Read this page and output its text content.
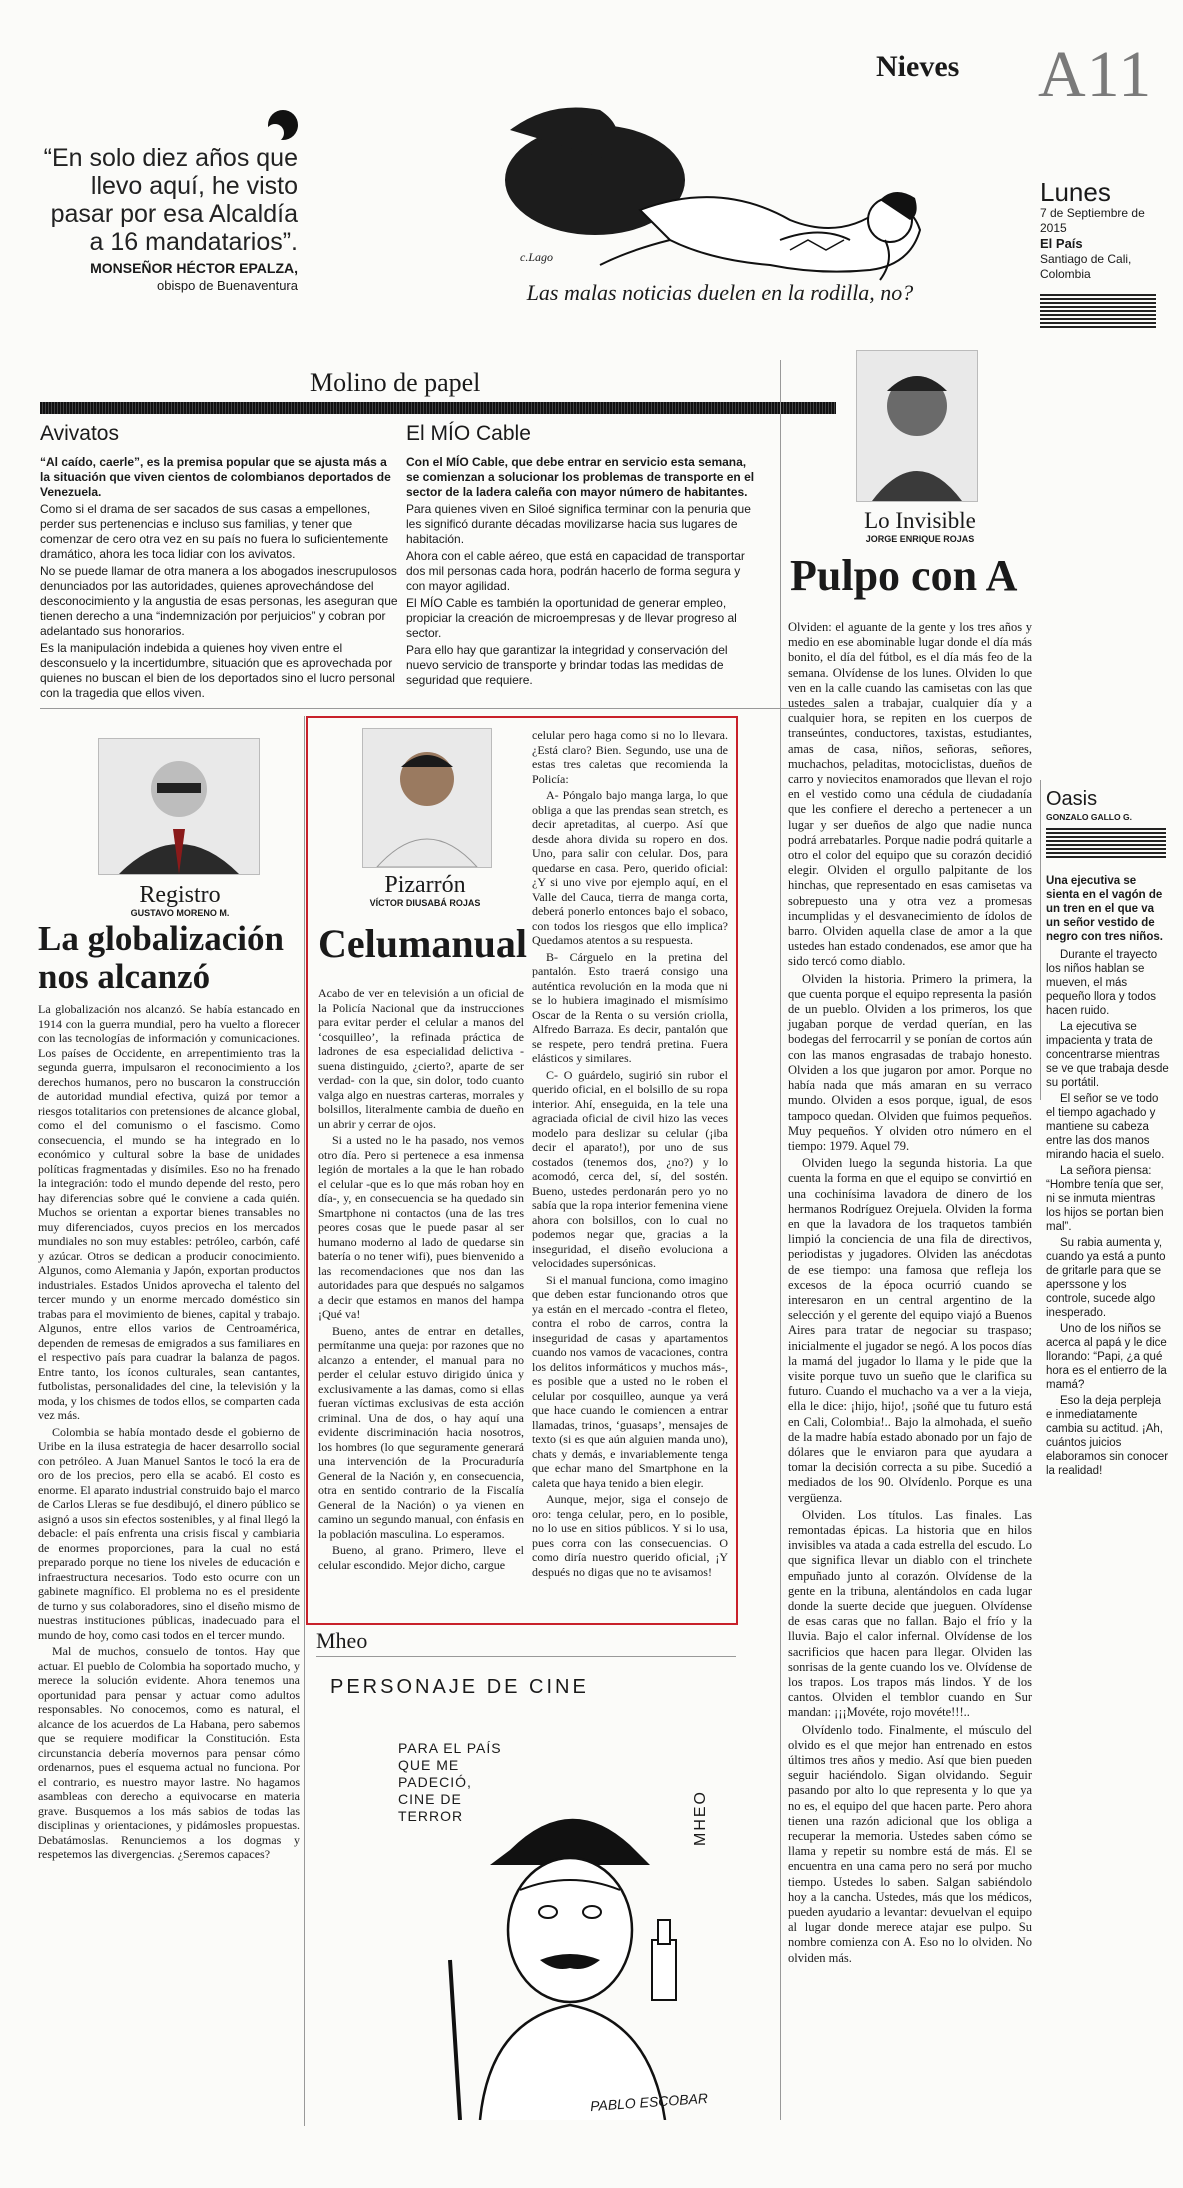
Nieves A11
Lunes
7 de Septiembre de 2015
El País
Santiago de Cali, Colombia
“En solo diez años que llevo aquí, he visto pasar por esa Alcaldía a 16 mandatarios”.
MONSEÑOR HÉCTOR EPALZA,
obispo de Buenaventura
c.Lago
Las malas noticias duelen en la rodilla, no?
Molino de papel
Avivatos
“Al caído, caerle”, es la premisa popular que se ajusta más a la situación que viven cientos de colombianos deportados de Venezuela.

Como si el drama de ser sacados de sus casas a empellones, perder sus pertenencias e incluso sus familias, y tener que comenzar de cero otra vez en su país no fuera lo suficientemente dramático, ahora les toca lidiar con los avivatos.

No se puede llamar de otra manera a los abogados inescrupulosos denunciados por las autoridades, quienes aprovechándose del desconocimiento y la angustia de esas personas, les aseguran que tienen derecho a una “indemnización por perjuicios” y cobran por adelantado sus honorarios.

Es la manipulación indebida a quienes hoy viven entre el desconsuelo y la incertidumbre, situación que es aprovechada por quienes no buscan el bien de los deportados sino el lucro personal con la tragedia que ellos viven.

El MÍO Cable
Con el MÍO Cable, que debe entrar en servicio esta semana, se comienzan a solucionar los problemas de transporte en el sector de la ladera caleña con mayor número de habitantes.

Para quienes viven en Siloé significa terminar con la penuria que les significó durante décadas movilizarse hacia sus lugares de habitación.

Ahora con el cable aéreo, que está en capacidad de transportar dos mil personas cada hora, podrán hacerlo de forma segura y con mayor agilidad.

El MÍO Cable es también la oportunidad de generar empleo, propiciar la creación de microempresas y de llevar progreso al sector.

Para ello hay que garantizar la integridad y conservación del nuevo servicio de transporte y brindar todas las medidas de seguridad que requiere.

Lo Invisible
JORGE ENRIQUE ROJAS
Pulpo con A

Olviden: el aguante de la gente y los tres años y medio en ese abominable lugar donde el día más bonito, el día del fútbol, es el día más feo de la semana. Olvídense de los lunes. Olviden lo que ven en la calle cuando las camisetas con las que ustedes salen a trabajar, cualquier día y a cualquier hora, se repiten en los cuerpos de transeúntes, conductores, taxistas, estudiantes, amas de casa, niños, señoras, señores, muchachos, peladitas, motociclistas, dueños de carro y noviecitos enamorados que llevan el rojo en el vestido como una cédula de ciudadanía que les confiere el derecho a pertenecer a un lugar y ser dueños de algo que nadie nunca podrá arrebatarles. Porque nadie podrá quitarle a otro el color del equipo que su corazón decidió elegir. Olviden el orgullo palpitante de los hinchas, que representado en esas camisetas va sobrepuesto una y otra vez a promesas incumplidas y el desvanecimiento de ídolos de barro. Olviden aquella clase de amor a la que ustedes han estado condenados, ese amor que ha sido tercó como diablo.

Olviden la historia. Primero la primera, la que cuenta porque el equipo representa la pasión de un pueblo. Olviden a los primeros, los que jugaban porque de verdad querían, en las bodegas del ferrocarril y se ponían de cortos aún con las manos engrasadas de trabajo honesto. Olviden a los que jugaron por amor. Porque no había nada que más amaran en su verraco mundo. Olviden a esos porque, igual, de esos tampoco quedan. Olviden que fuimos pequeños. Muy pequeños. Y olviden otro número en el tiempo: 1979. Aquel 79.

Olviden luego la segunda historia. La que cuenta la forma en que el equipo se convirtió en una cochinísima lavadora de dinero de los hermanos Rodríguez Orejuela. Olviden la forma en que la lavadora de los traquetos también limpió la conciencia de una fila de directivos, periodistas y jugadores. Olviden las anécdotas de ese tiempo: una famosa que refleja los excesos de la época ocurrió cuando se interesaron en un central argentino de la selección y el gerente del equipo viajó a Buenos Aires para tratar de negociar su traspaso; inicialmente el jugador se negó. A los pocos días la mamá del jugador lo llama y le pide que la visite porque tuvo un sueño que le clarifica su futuro. Cuando el muchacho va a ver a la vieja, ella le dice: ¡hijo, hijo!, ¡soñé que tu futuro está en Cali, Colombia!.. Bajo la almohada, el sueño de la madre había estado abonado por un fajo de dólares que le enviaron para que ayudara a tomar la decisión correcta a su pibe. Sucedió a mediados de los 90. Olvídenlo. Porque es una vergüenza.

Olviden. Los títulos. Las finales. Las remontadas épicas. La historia que en hilos invisibles va atada a cada estrella del escudo. Lo que significa llevar un diablo con el trinchete empuñado junto al corazón. Olvídense de la gente en la tribuna, alentándolos en cada lugar donde la suerte decide que jueguen. Olvídense de esas caras que no fallan. Bajo el frío y la lluvia. Bajo el calor infernal. Olvídense de los sacrificios que hacen para llegar. Olviden las sonrisas de la gente cuando los ve. Olvídense de los trapos. Los trapos más lindos. Y de los cantos. Olviden el temblor cuando en Sur mandan: ¡¡¡Movéte, rojo movéte!!!..

Olvídenlo todo. Finalmente, el músculo del olvido es el que mejor han entrenado en estos últimos tres años y medio. Así que bien pueden seguir haciéndolo. Sigan olvidando. Seguir pasando por alto lo que representa y lo que ya no es, el equipo del que hacen parte. Pero ahora tienen una razón adicional que los obliga a recuperar la memoria. Ustedes saben cómo se llama y repetir su nombre está de más. El se encuentra en una cama pero no será por mucho tiempo. Ustedes lo saben. Salgan sabiéndolo hoy a la cancha. Ustedes, más que los médicos, pueden ayudario a levantar: devuelvan el equipo al lugar donde merece atajar ese pulpo. Su nombre comienza con A. Eso no lo olviden. No olviden más.

Oasis
GONZALO GALLO G.
Una ejecutiva se sienta en el vagón de un tren en el que va un señor vestido de negro con tres niños.

Durante el trayecto los niños hablan se mueven, el más pequeño llora y todos hacen ruido.

La ejecutiva se impacienta y trata de concentrarse mientras se ve que trabaja desde su portátil.

El señor se ve todo el tiempo agachado y mantiene su cabeza entre las dos manos mirando hacia el suelo.

La señora piensa: “Hombre tenía que ser, ni se inmuta mientras los hijos se portan bien mal”.

Su rabia aumenta y, cuando ya está a punto de gritarle para que se aperssone y los controle, sucede algo inesperado.

Uno de los niños se acerca al papá y le dice llorando: “Papi, ¿a qué hora es el entierro de la mamá?

Eso la deja perpleja e inmediatamente cambia su actitud. ¡Ah, cuántos juicios elaboramos sin conocer la realidad!

Registro
GUSTAVO MORENO M.
La globalización nos alcanzó

La globalización nos alcanzó. Se había estancado en 1914 con la guerra mundial, pero ha vuelto a florecer con las tecnologías de información y comunicaciones. Los países de Occidente, en arrepentimiento tras la segunda guerra, impulsaron el reconocimiento a los derechos humanos, pero no buscaron la construcción de autoridad mundial efectiva, quizá por temor a riesgos totalitarios con pretensiones de alcance global, como el del comunismo o el fascismo. Como consecuencia, el mundo se ha integrado en lo económico y cultural sobre la base de unidades políticas fragmentadas y disímiles. Eso no ha frenado la integración: todo el mundo depende del resto, pero hay diferencias sobre qué le conviene a cada quién. Muchos se orientan a exportar bienes transables no muy diferenciados, cuyos precios en los mercados mundiales no son muy estables: petróleo, carbón, café y azúcar. Otros se dedican a producir conocimiento. Algunos, como Alemania y Japón, exportan productos industriales. Estados Unidos aprovecha el talento del tercer mundo y un enorme mercado doméstico sin trabas para el movimiento de bienes, capital y trabajo. Algunos, entre ellos varios de Centroamérica, dependen de remesas de emigrados a sus familiares en el respectivo país para cuadrar la balanza de pagos. Entre tanto, los íconos culturales, sean cantantes, futbolistas, personalidades del cine, la televisión y la moda, y los chismes de todos ellos, se comparten cada vez más.

Colombia se había montado desde el gobierno de Uribe en la ilusa estrategia de hacer desarrollo social con petróleo. A Juan Manuel Santos le tocó la era de oro de los precios, pero ella se acabó. El costo es enorme. El aparato industrial construido bajo el marco de Carlos Lleras se fue desdibujó, el dinero público se asignó a usos sin efectos sostenibles, y al final llegó la debacle: el país enfrenta una crisis fiscal y cambiaria de enormes proporciones, para la cual no está preparado porque no tiene los niveles de educación e infraestructura necesarios. Todo esto ocurre con un gabinete magnífico. El problema no es el presidente de turno y sus colaboradores, sino el diseño mismo de nuestras instituciones públicas, inadecuado para el mundo de hoy, como casi todos en el tercer mundo.

Mal de muchos, consuelo de tontos. Hay que actuar. El pueblo de Colombia ha soportado mucho, y merece la solución evidente. Ahora tenemos una oportunidad para pensar y actuar como adultos responsables. No conocemos, como es natural, el alcance de los acuerdos de La Habana, pero sabemos que se requiere modificar la Constitución. Esta circunstancia debería movernos para pensar cómo ordenarnos, pues el esquema actual no funciona. Por el contrario, es nuestro mayor lastre. No hagamos asambleas con derecho a equivocarse en materia grave. Busquemos a los más sabios de todas las disciplinas y orientaciones, y pidámosles propuestas. Debatámoslas. Renunciemos a los dogmas y respetemos las divergencias. ¿Seremos capaces?

Pizarrón
VÍCTOR DIUSABÁ ROJAS
Celumanual

Acabo de ver en televisión a un oficial de la Policía Nacional que da instrucciones para evitar perder el celular a manos del ‘cosquilleo’, la refinada práctica de ladrones de esa especialidad delictiva -suena distinguido, ¿cierto?, aparte de ser verdad- con la que, sin dolor, todo cuanto valga algo en nuestras carteras, morrales y bolsillos, literalmente cambia de dueño en un abrir y cerrar de ojos.

Si a usted no le ha pasado, nos vemos otro día. Pero si pertenece a esa inmensa legión de mortales a la que le han robado el celular -que es lo que más roban hoy en día-, y, en consecuencia se ha quedado sin Smartphone ni contactos (una de las tres peores cosas que le puede pasar al ser humano moderno al lado de quedarse sin batería o no tener wifi), pues bienvenido a las recomendaciones que nos dan las autoridades para que después no salgamos a decir que estamos en manos del hampa ¡Qué va!

Bueno, antes de entrar en detalles, permítanme una queja: por razones que no alcanzo a entender, el manual para no perder el celular estuvo dirigido única y exclusivamente a las damas, como si ellas fueran víctimas exclusivas de esta acción criminal. Una de dos, o hay aquí una evidente discriminación hacia nosotros, los hombres (lo que seguramente generará una intervención de la Procuraduría General de la Nación y, en consecuencia, otra en sentido contrario de la Fiscalía General de la Nación) o ya vienen en camino un segundo manual, con énfasis en la población masculina. Lo esperamos.

Bueno, al grano. Primero, lleve el celular escondido. Mejor dicho, cargue

celular pero haga como si no lo llevara. ¿Está claro? Bien. Segundo, use una de estas tres caletas que recomienda la Policía:

A- Póngalo bajo manga larga, lo que obliga a que las prendas sean stretch, es decir apretaditas, al cuerpo. Así que desde ahora divida su ropero en dos. Uno, para salir con celular. Dos, para quedarse en casa. Pero, querido oficial: ¿Y si uno vive por ejemplo aquí, en el Valle del Cauca, tierra de manga corta, deberá ponerlo entonces bajo el sobaco, con todos los riesgos que ello implica? Quedamos atentos a su respuesta.

B- Cárguelo en la pretina del pantalón. Esto traerá consigo una auténtica revolución en la moda que ni se lo hubiera imaginado el mismísimo Oscar de la Renta o su versión criolla, Alfredo Barraza. Es decir, pantalón que se respete, pero tendrá pretina. Fuera elásticos y similares.

C- O guárdelo, sugirió sin rubor el querido oficial, en el bolsillo de su ropa interior. Ahí, enseguida, en la tele una agraciada oficial de civil hizo las veces modelo para deslizar su celular (¡iba decir el aparato!), por uno de sus costados (tenemos dos, ¿no?) y lo acomodó, cerca del, sí, del sostén. Bueno, ustedes perdonarán pero yo no sabía que la ropa interior femenina viene ahora con bolsillos, con lo cual no podemos negar que, gracias a la inseguridad, el diseño evoluciona a velocidades supersónicas.

Si el manual funciona, como imagino que deben estar funcionando otros que ya están en el mercado -contra el fleteo, contra el robo de carros, contra la inseguridad de casas y apartamentos cuando nos vamos de vacaciones, contra los delitos informáticos y muchos más-, es posible que a usted no le roben el celular por cosquilleo, aunque ya verá que hace cuando le comiencen a entrar llamadas, trinos, ‘guasaps’, mensajes de texto (si es que aún alguien manda uno), chats y demás, e invariablemente tenga que echar mano del Smartphone en la caleta que haya tenido a bien elegir.

Aunque, mejor, siga el consejo de oro: tenga celular, pero, en lo posible, no lo use en sitios públicos. Y si lo usa, pues corra con las consecuencias. O como diría nuestro querido oficial, ¡Y después no digas que no te avisamos!

Mheo
PERSONAJE DE CINE
PARA EL PAÍS QUE ME PADECIÓ, CINE DE TERROR	MHEO
PABLO ESCOBAR
